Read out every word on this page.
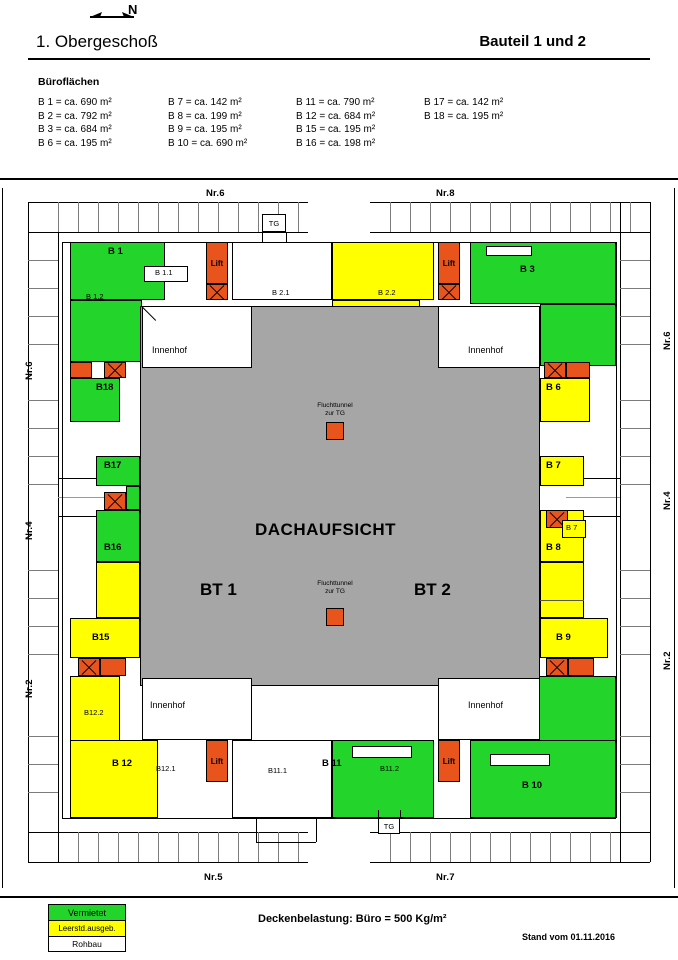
N
1. Obergeschoß	Bauteil 1 und 2
Büroflächen
B 1 = ca. 690 m²	B 7 = ca. 142 m²	B 11 = ca. 790 m²	B 17 = ca. 142 m²
B 2 = ca. 792 m²	B 8 = ca. 199 m²	B 12 = ca. 684 m²	B 18 = ca. 195 m²
B 3 = ca. 684 m²	B 9 = ca. 195 m²	B 15 = ca. 195 m²	
B 6 = ca. 195 m²	B 10 = ca. 690 m²	B 16 = ca. 198 m²	
B 1
B 1.1
B 1.2	B 2.1	B 2.2
Lift	Lift
TG
B 3
B18
B17
B16
B15
B12.2
B 12	B12.1
B 6
B 7
B 8
B 7
B 9
B 10
B11.1	B11.2
B 11
Lift	Lift
TG
DACHAUFSICHT
BT 1	BT 2
Fluchttunnel
zur TG
Fluchttunnel
zur TG
Innenhof	Innenhof
Innenhof	Innenhof
Nr.6	Nr.8
Nr.5	Nr.7
Nr.6
Nr.4
Nr.2
Nr.6
Nr.4
Nr.2
Vermietet
Leerstd.ausgeb.
Rohbau
Deckenbelastung: Büro = 500 Kg/m²
Stand vom 01.11.2016
